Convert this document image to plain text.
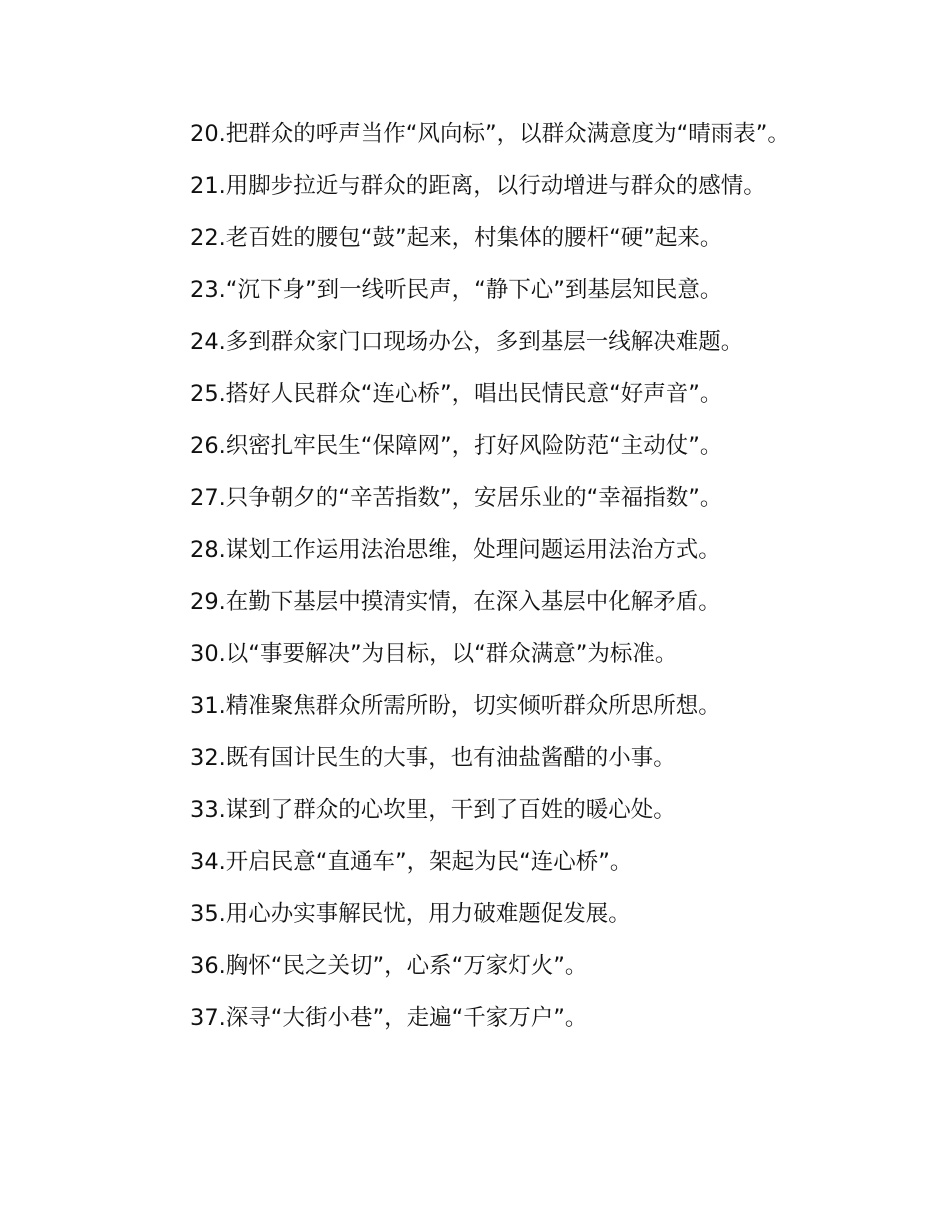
20.把群众的呼声当作“风向标”，以群众满意度为“晴雨表”。

21.用脚步拉近与群众的距离，以行动增进与群众的感情。

22.老百姓的腰包“鼓”起来，村集体的腰杆“硬”起来。

23.“沉下身”到一线听民声，“静下心”到基层知民意。

24.多到群众家门口现场办公，多到基层一线解决难题。

25.搭好人民群众“连心桥”，唱出民情民意“好声音”。

26.织密扎牢民生“保障网”，打好风险防范“主动仗”。

27.只争朝夕的“辛苦指数”，安居乐业的“幸福指数”。

28.谋划工作运用法治思维，处理问题运用法治方式。

29.在勤下基层中摸清实情，在深入基层中化解矛盾。

30.以“事要解决”为目标，以“群众满意”为标准。

31.精准聚焦群众所需所盼，切实倾听群众所思所想。

32.既有国计民生的大事，也有油盐酱醋的小事。

33.谋到了群众的心坎里，干到了百姓的暖心处。

34.开启民意“直通车”，架起为民“连心桥”。

35.用心办实事解民忧，用力破难题促发展。

36.胸怀“民之关切”，心系“万家灯火”。

37.深寻“大街小巷”，走遍“千家万户”。
